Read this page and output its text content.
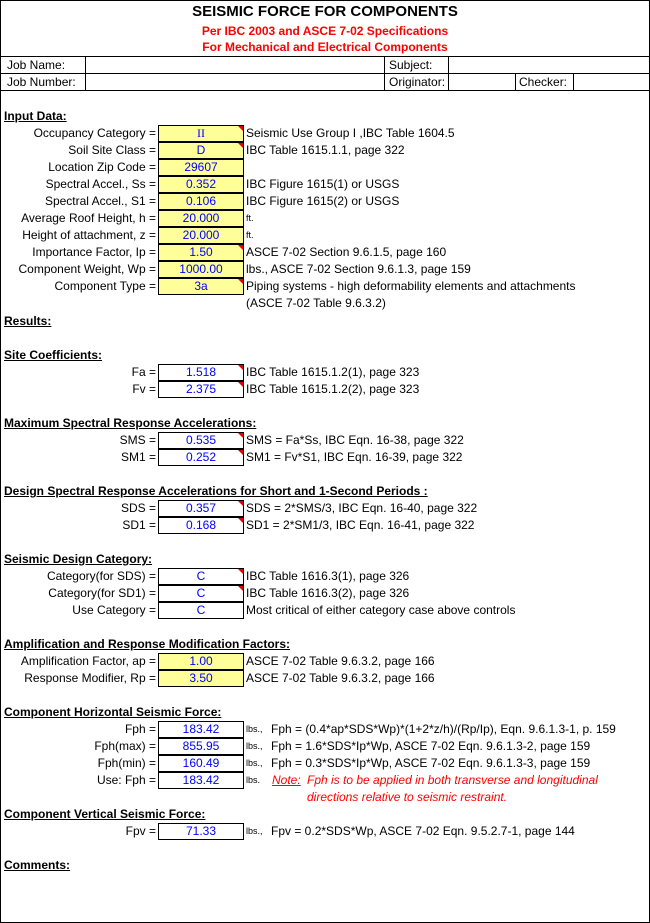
SEISMIC FORCE FOR COMPONENTS
Per IBC 2003 and ASCE 7-02 Specifications
For Mechanical and Electrical Components
Job Name:	Subject:
Job Number:	Originator:	Checker:
Input Data:
Occupancy Category =	II	Seismic Use Group I ,IBC Table 1604.5
Soil Site Class =	D	IBC Table 1615.1.1, page 322
Location Zip Code =	29607
Spectral Accel., Ss =	0.352	IBC Figure 1615(1) or USGS
Spectral Accel., S1 =	0.106	IBC Figure 1615(2) or USGS
Average Roof Height, h =	20.000	ft.
Height of attachment, z =	20.000	ft.
Importance Factor, Ip =	1.50	ASCE 7-02 Section 9.6.1.5, page 160
Component Weight, Wp =	1000.00	lbs., ASCE 7-02 Section 9.6.1.3, page 159
Component Type =	3a	Piping systems - high deformability elements and attachments
(ASCE 7-02 Table 9.6.3.2)
Results:
Site Coefficients:
Fa =	1.518	IBC Table 1615.1.2(1), page 323
Fv =	2.375	IBC Table 1615.1.2(2), page 323
Maximum Spectral Response Accelerations:
SMS =	0.535	SMS = Fa*Ss, IBC Eqn. 16-38, page 322
SM1 =	0.252	SM1 = Fv*S1, IBC Eqn. 16-39, page 322
Design Spectral Response Accelerations for Short and 1-Second Periods :
SDS =	0.357	SDS = 2*SMS/3, IBC Eqn. 16-40, page 322
SD1 =	0.168	SD1 = 2*SM1/3, IBC Eqn. 16-41, page 322
Seismic Design Category:
Category(for SDS) =	C	IBC Table 1616.3(1), page 326
Category(for SD1) =	C	IBC Table 1616.3(2), page 326
Use Category =	C	Most critical of either category case above controls
Amplification and Response Modification Factors:
Amplification Factor, ap =	1.00	ASCE 7-02 Table 9.6.3.2, page 166
Response Modifier, Rp =	3.50	ASCE 7-02 Table 9.6.3.2, page 166
Component Horizontal Seismic Force:
Fph =	183.42	lbs., Fph = (0.4*ap*SDS*Wp)*(1+2*z/h)/(Rp/Ip), Eqn. 9.6.1.3-1, p. 159
Fph(max) =	855.95	lbs., Fph = 1.6*SDS*Ip*Wp, ASCE 7-02 Eqn. 9.6.1.3-2, page 159
Fph(min) =	160.49	lbs., Fph = 0.3*SDS*Ip*Wp, ASCE 7-02 Eqn. 9.6.1.3-3, page 159
Use: Fph =	183.42	lbs. Note: Fph is to be applied in both transverse and longitudinal
directions relative to seismic restraint.
Component Vertical Seismic Force:
Fpv =	71.33	lbs., Fpv = 0.2*SDS*Wp, ASCE 7-02 Eqn. 9.5.2.7-1, page 144
Comments:
